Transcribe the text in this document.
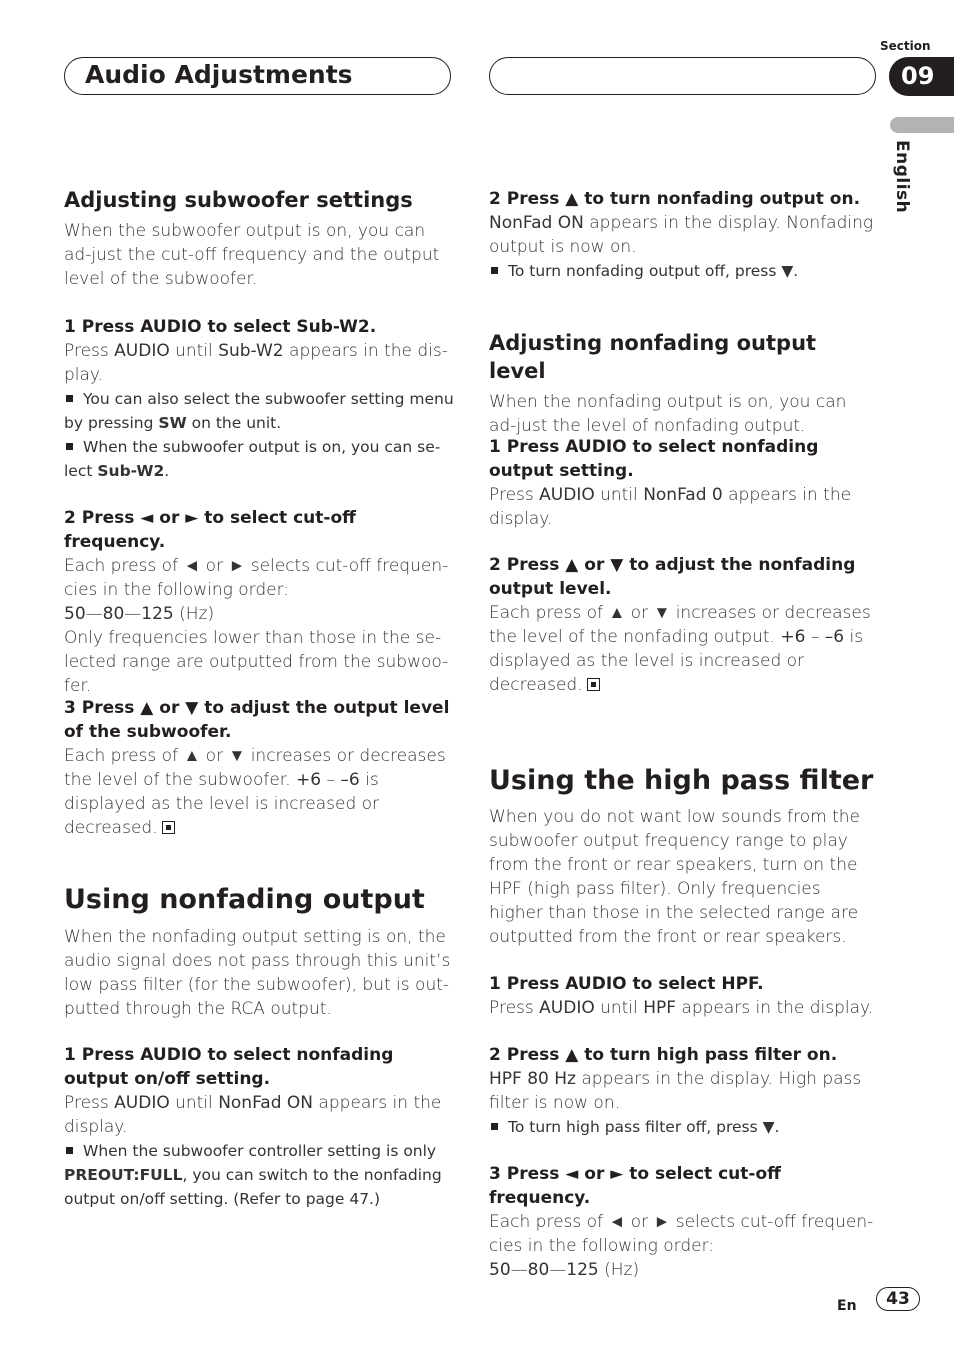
Audio Adjustments
Section
09
English

Adjusting subwoofer settings

When the subwoofer output is on, you can ad-just the cut-off frequency and the output level of the subwoofer.

1 Press AUDIO to select Sub-W2.

Press AUDIO until Sub-W2 appears in the dis-play.

You can also select the subwoofer setting menu by pressing SW on the unit.

When the subwoofer output is on, you can se-lect Sub-W2.

2 Press ◄ or ► to select cut-off frequency.

Each press of ◄ or ► selects cut-off frequen-cies in the following order:

50—80—125 (Hz)

Only frequencies lower than those in the se-lected range are outputted from the subwoo-fer.

3 Press ▲ or ▼ to adjust the output level of the subwoofer.

Each press of ▲ or ▼ increases or decreases the level of the subwoofer. +6 – –6 is displayed as the level is increased or decreased.

Using nonfading output

When the nonfading output setting is on, the audio signal does not pass through this unit’s low pass filter (for the subwoofer), but is out-putted through the RCA output.

1 Press AUDIO to select nonfading output on/off setting.

Press AUDIO until NonFad ON appears in the display.

When the subwoofer controller setting is only PREOUT:FULL, you can switch to the nonfading output on/off setting. (Refer to page 47.)

2 Press ▲ to turn nonfading output on.

NonFad ON appears in the display. Nonfading output is now on.

To turn nonfading output off, press ▼.

Adjusting nonfading output level

When the nonfading output is on, you can ad-just the level of nonfading output.

1 Press AUDIO to select nonfading output setting.

Press AUDIO until NonFad 0 appears in the display.

2 Press ▲ or ▼ to adjust the nonfading output level.

Each press of ▲ or ▼ increases or decreases the level of the nonfading output. +6 – –6 is displayed as the level is increased or decreased.

Using the high pass filter

When you do not want low sounds from the subwoofer output frequency range to play from the front or rear speakers, turn on the HPF (high pass filter). Only frequencies higher than those in the selected range are outputted from the front or rear speakers.

1 Press AUDIO to select HPF.

Press AUDIO until HPF appears in the display.

2 Press ▲ to turn high pass filter on.

HPF 80 Hz appears in the display. High pass filter is now on.

To turn high pass filter off, press ▼.

3 Press ◄ or ► to select cut-off frequency.

Each press of ◄ or ► selects cut-off frequen-cies in the following order:

50—80—125 (Hz)

En	43
